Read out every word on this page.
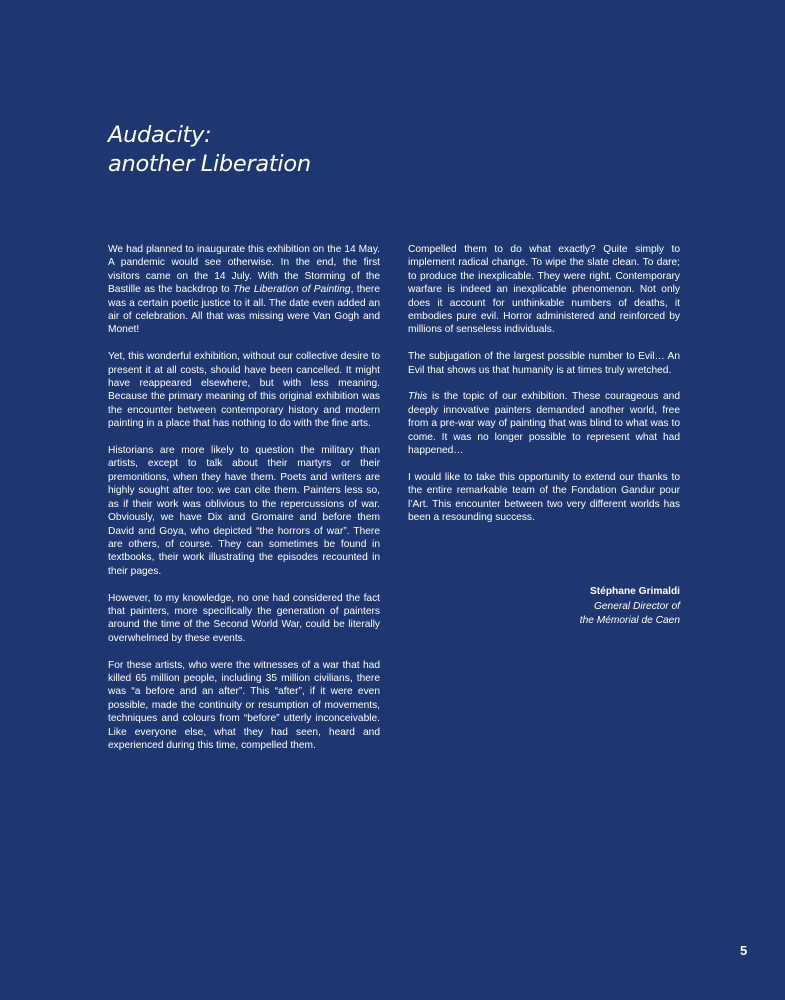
Audacity:
another Liberation

We had planned to inaugurate this exhibition on the 14 May. A pandemic would see otherwise. In the end, the first visitors came on the 14 July. With the Storming of the Bastille as the backdrop to The Liberation of Painting, there was a certain poetic justice to it all. The date even added an air of celebration. All that was missing were Van Gogh and Monet!

Yet, this wonderful exhibition, without our collective desire to present it at all costs, should have been cancelled. It might have reappeared elsewhere, but with less meaning. Because the primary meaning of this original exhibition was the encounter between contemporary history and modern painting in a place that has nothing to do with the fine arts.

Historians are more likely to question the military than artists, except to talk about their martyrs or their premonitions, when they have them. Poets and writers are highly sought after too: we can cite them. Painters less so, as if their work was oblivious to the repercussions of war. Obviously, we have Dix and Gromaire and before them David and Goya, who depicted “the horrors of war”. There are others, of course. They can sometimes be found in textbooks, their work illustrating the episodes recounted in their pages.

However, to my knowledge, no one had considered the fact that painters, more specifically the generation of painters around the time of the Second World War, could be literally overwhelmed by these events.

For these artists, who were the witnesses of a war that had killed 65 million people, including 35 million civilians, there was “a before and an after”. This “after”, if it were even possible, made the continuity or resumption of movements, techniques and colours from “before” utterly inconceivable. Like everyone else, what they had seen, heard and experienced during this time, compelled them.

Compelled them to do what exactly? Quite simply to implement radical change. To wipe the slate clean. To dare; to produce the inexplicable. They were right. Contemporary warfare is indeed an inexplicable phenomenon. Not only does it account for unthinkable numbers of deaths, it embodies pure evil. Horror administered and reinforced by millions of senseless individuals.

The subjugation of the largest possible number to Evil… An Evil that shows us that humanity is at times truly wretched.

This is the topic of our exhibition. These courageous and deeply innovative painters demanded another world, free from a pre-war way of painting that was blind to what was to come. It was no longer possible to represent what had happened…

I would like to take this opportunity to extend our thanks to the entire remarkable team of the Fondation Gandur pour l’Art. This encounter between two very different worlds has been a resounding success.

Stéphane Grimaldi
General Director of
the Mémorial de Caen
5
